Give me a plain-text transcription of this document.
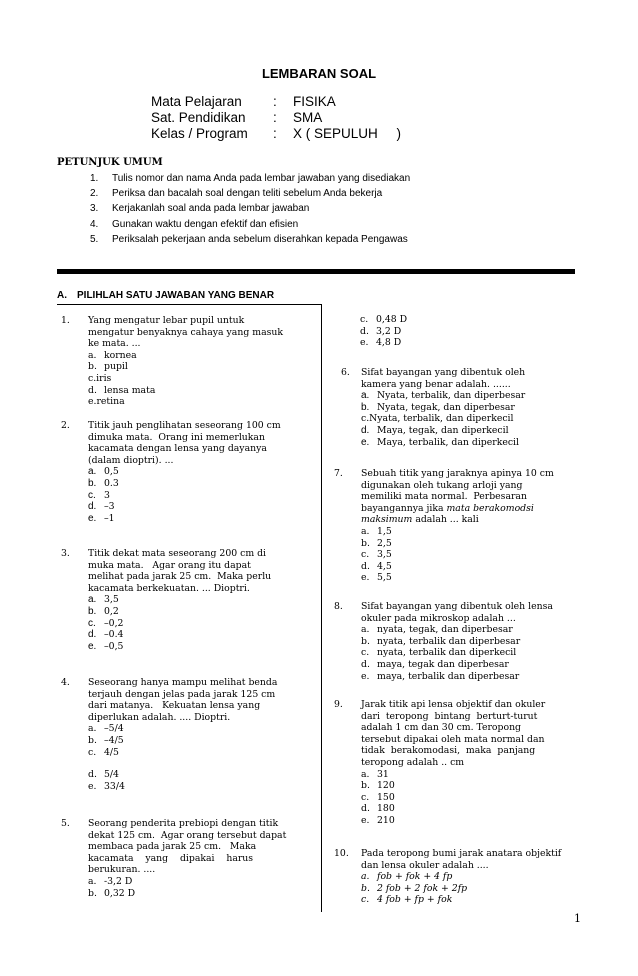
LEMBARAN SOAL
Mata Pelajaran : FISIKA
Sat. Pendidikan : SMA
Kelas / Program : X ( SEPULUH     )
PETUNJUK UMUM
1. Tulis nomor dan nama Anda pada lembar jawaban yang disediakan
2. Periksa dan bacalah soal dengan teliti sebelum Anda bekerja
3. Kerjakanlah soal anda pada lembar jawaban
4. Gunakan waktu dengan efektif dan efisien
5. Periksalah pekerjaan anda sebelum diserahkan kepada Pengawas
A. PILIHLAH SATU JAWABAN YANG BENAR
1. Yang mengatur lebar pupil untuk
mengatur benyaknya cahaya yang masuk
ke mata. ...
a. kornea
b. pupil
c.iris
d. lensa mata
e.retina
2. Titik jauh penglihatan seseorang 100 cm
dimuka mata.  Orang ini memerlukan
kacamata dengan lensa yang dayanya
(dalam dioptri). ...
a. 0,5
b. 0.3
c. 3
d. –3
e. –1
3. Titik dekat mata seseorang 200 cm di
muka mata.   Agar orang itu dapat
melihat pada jarak 25 cm.  Maka perlu
kacamata berkekuatan. ... Dioptri.
a. 3,5
b. 0,2
c. –0,2
d. –0.4
e. –0,5
4. Seseorang hanya mampu melihat benda
terjauh dengan jelas pada jarak 125 cm
dari matanya.   Kekuatan lensa yang
diperlukan adalah. .... Dioptri.
a. –5/4
b. –4/5
c. 4/5
d. 5/4
e. 33/4
5. Seorang penderita prebiopi dengan titik
dekat 125 cm.  Agar orang tersebut dapat
membaca pada jarak 25 cm.   Maka
kacamata    yang    dipakai    harus
berukuran. ....
a. -3,2 D
b. 0,32 D
c. 0,48 D
d. 3,2 D
e. 4,8 D
6. Sifat bayangan yang dibentuk oleh
kamera yang benar adalah. ......
a. Nyata, terbalik, dan diperbesar
b. Nyata, tegak, dan diperbesar
c.Nyata, terbalik, dan diperkecil
d. Maya, tegak, dan diperkecil
e. Maya, terbalik, dan diperkecil
7. Sebuah titik yang jaraknya apinya 10 cm
digunakan oleh tukang arloji yang
memiliki mata normal.  Perbesaran
bayangannya jika mata berakomodsi
maksimum adalah ... kali
a. 1,5
b. 2,5
c. 3,5
d. 4,5
e. 5,5
8. Sifat bayangan yang dibentuk oleh lensa
okuler pada mikroskop adalah ...
a. nyata, tegak, dan diperbesar
b. nyata, terbalik dan diperbesar
c. nyata, terbalik dan diperkecil
d. maya, tegak dan diperbesar
e. maya, terbalik dan diperbesar
9. Jarak titik api lensa objektif dan okuler
dari  teropong  bintang  berturt-turut
adalah 1 cm dan 30 cm. Teropong
tersebut dipakai oleh mata normal dan
tidak  berakomodasi,  maka  panjang
teropong adalah .. cm
a. 31
b. 120
c. 150
d. 180
e. 210
10. Pada teropong bumi jarak anatara objektif
dan lensa okuler adalah ....
a. fob + fok + 4 fp
b. 2 fob + 2 fok + 2fp
c. 4 fob + fp + fok
1
